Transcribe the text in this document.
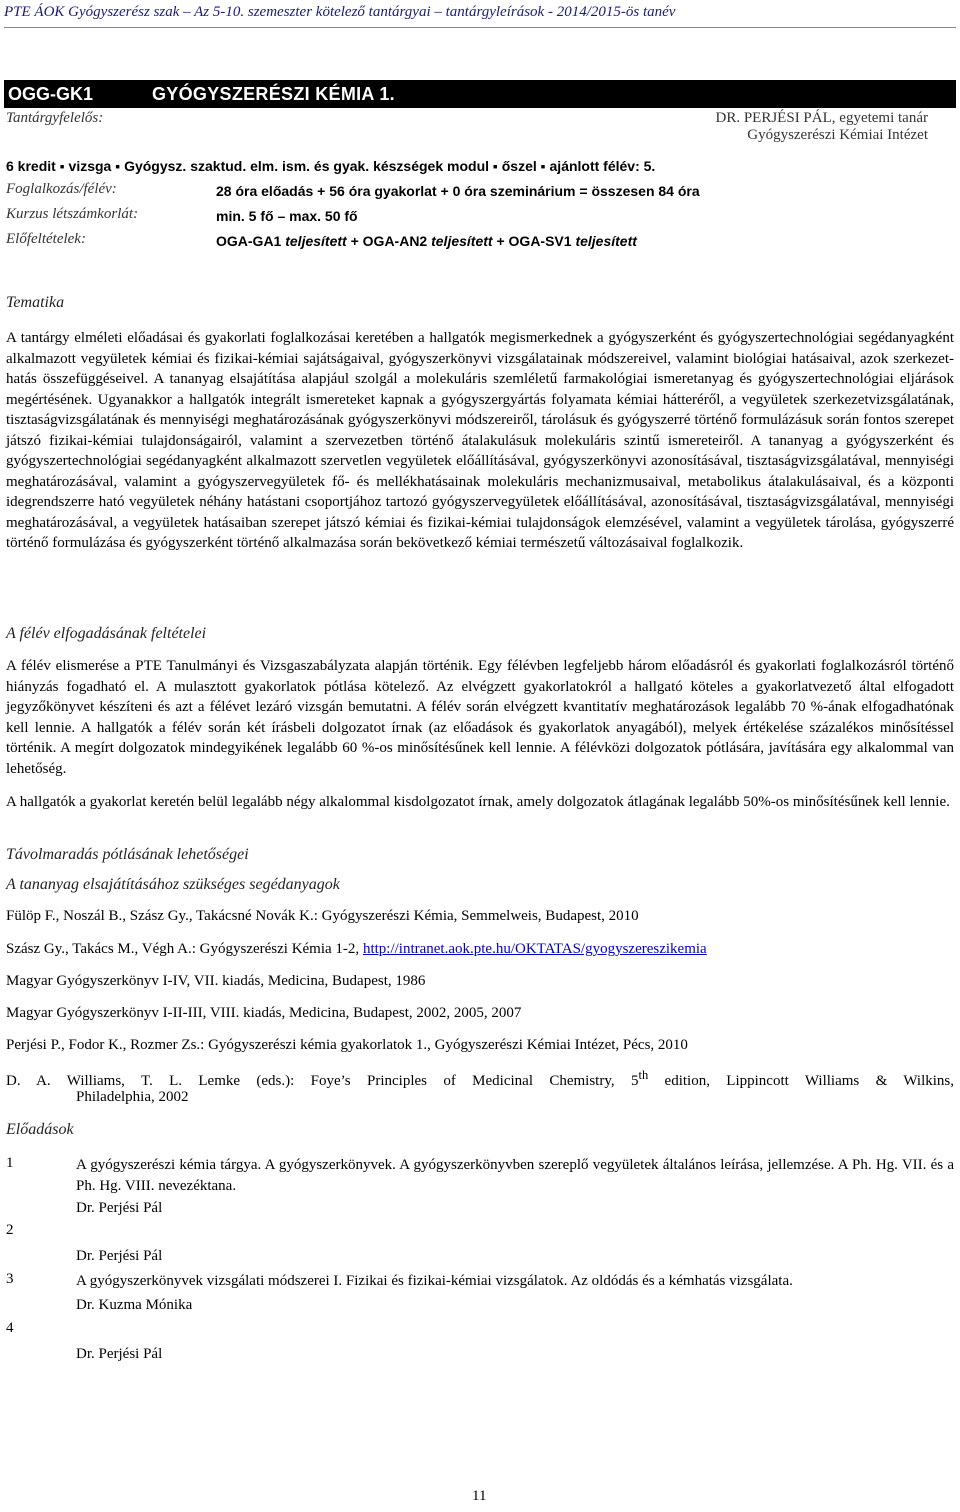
PTE ÁOK Gyógyszerész szak – Az 5-10. szemeszter kötelező tantárgyai – tantárgyleírások - 2014/2015-ös tanév
OGG-GK1	GYÓGYSZERÉSZI KÉMIA 1.
Tantárgyfelelős:	DR. PERJÉSI PÁL, egyetemi tanár
Gyógyszerészi Kémiai Intézet
6 kredit ▪ vizsga ▪ Gyógysz. szaktud. elm. ism. és gyak. készségek modul ▪ őszel ▪ ajánlott félév: 5.
Foglalkozás/félév:	28 óra előadás + 56 óra gyakorlat + 0 óra szeminárium = összesen 84 óra
Kurzus létszámkorlát:	min. 5 fő – max. 50 fő
Előfeltételek:	OGA-GA1 teljesített + OGA-AN2 teljesített + OGA-SV1 teljesített
Tematika
A tantárgy elméleti előadásai és gyakorlati foglalkozásai keretében a hallgatók megismerkednek a gyógyszerként és gyógyszertechnológiai segédanyagként alkalmazott vegyületek kémiai és fizikai-kémiai sajátságaival, gyógyszerkönyvi vizsgálatainak módszereivel, valamint biológiai hatásaival, azok szerkezet-hatás összefüggéseivel. A tananyag elsajátítása alapjául szolgál a molekuláris szemléletű farmakológiai ismeretanyag és gyógyszertechnológiai eljárások megértésének. Ugyanakkor a hallgatók integrált ismereteket kapnak a gyógyszergyártás folyamata kémiai hátteréről, a vegyületek szerkezetvizsgálatának, tisztaságvizsgálatának és mennyiségi meghatározásának gyógyszerkönyvi módszereiről, tárolásuk és gyógyszerré történő formulázásuk során fontos szerepet játszó fizikai-kémiai tulajdonságairól, valamint a szervezetben történő átalakulásuk molekuláris szintű ismereteiről. A tananyag a gyógyszerként és gyógyszertechnológiai segédanyagként alkalmazott szervetlen vegyületek előállításával, gyógyszerkönyvi azonosításával, tisztaságvizsgálatával, mennyiségi meghatározásával, valamint a gyógyszervegyületek fő- és mellékhatásainak molekuláris mechanizmusaival, metabolikus átalakulásaival, és a központi idegrendszerre ható vegyületek néhány hatástani csoportjához tartozó gyógyszervegyületek előállításával, azonosításával, tisztaságvizsgálatával, mennyiségi meghatározásával, a vegyületek hatásaiban szerepet játszó kémiai és fizikai-kémiai tulajdonságok elemzésével, valamint a vegyületek tárolása, gyógyszerré történő formulázása és gyógyszerként történő alkalmazása során bekövetkező kémiai természetű változásaival foglalkozik.
A félév elfogadásának feltételei
A félév elismerése a PTE Tanulmányi és Vizsgaszabályzata alapján történik. Egy félévben legfeljebb három előadásról és gyakorlati foglalkozásról történő hiányzás fogadható el. A mulasztott gyakorlatok pótlása kötelező. Az elvégzett gyakorlatokról a hallgató köteles a gyakorlatvezető által elfogadott jegyzőkönyvet készíteni és azt a félévet lezáró vizsgán bemutatni. A félév során elvégzett kvantitatív meghatározások legalább 70 %-ának elfogadhatónak kell lennie. A hallgatók a félév során két írásbeli dolgozatot írnak (az előadások és gyakorlatok anyagából), melyek értékelése százalékos minősítéssel történik. A megírt dolgozatok mindegyikének legalább 60 %-os minősítésűnek kell lennie. A félévközi dolgozatok pótlására, javítására egy alkalommal van lehetőség.
A hallgatók a gyakorlat keretén belül legalább négy alkalommal kisdolgozatot írnak, amely dolgozatok átlagának legalább 50%-os minősítésűnek kell lennie.
Távolmaradás pótlásának lehetőségei
A tananyag elsajátításához szükséges segédanyagok
Fülöp F., Noszál B., Szász Gy., Takácsné Novák K.: Gyógyszerészi Kémia, Semmelweis, Budapest, 2010
Szász Gy., Takács M., Végh A.: Gyógyszerészi Kémia 1-2, http://intranet.aok.pte.hu/OKTATAS/gyogyszereszikemia
Magyar Gyógyszerkönyv I-IV, VII. kiadás, Medicina, Budapest, 1986
Magyar Gyógyszerkönyv I-II-III, VIII. kiadás, Medicina, Budapest, 2002, 2005, 2007
Perjési P., Fodor K., Rozmer Zs.: Gyógyszerészi kémia gyakorlatok 1., Gyógyszerészi Kémiai Intézet, Pécs, 2010
D. A. Williams, T. L. Lemke (eds.): Foye’s Principles of Medicinal Chemistry, 5th edition, Lippincott Williams & Wilkins,
Philadelphia, 2002
Előadások
1	A gyógyszerészi kémia tárgya. A gyógyszerkönyvek. A gyógyszerkönyvben szereplő vegyületek általános leírása, jellemzése. A Ph. Hg. VII. és a Ph. Hg. VIII. nevezéktana.
Dr. Perjési Pál
2
Dr. Perjési Pál
3	A gyógyszerkönyvek vizsgálati módszerei I. Fizikai és fizikai-kémiai vizsgálatok. Az oldódás és a kémhatás vizsgálata.
Dr. Kuzma Mónika
4
Dr. Perjési Pál
11
